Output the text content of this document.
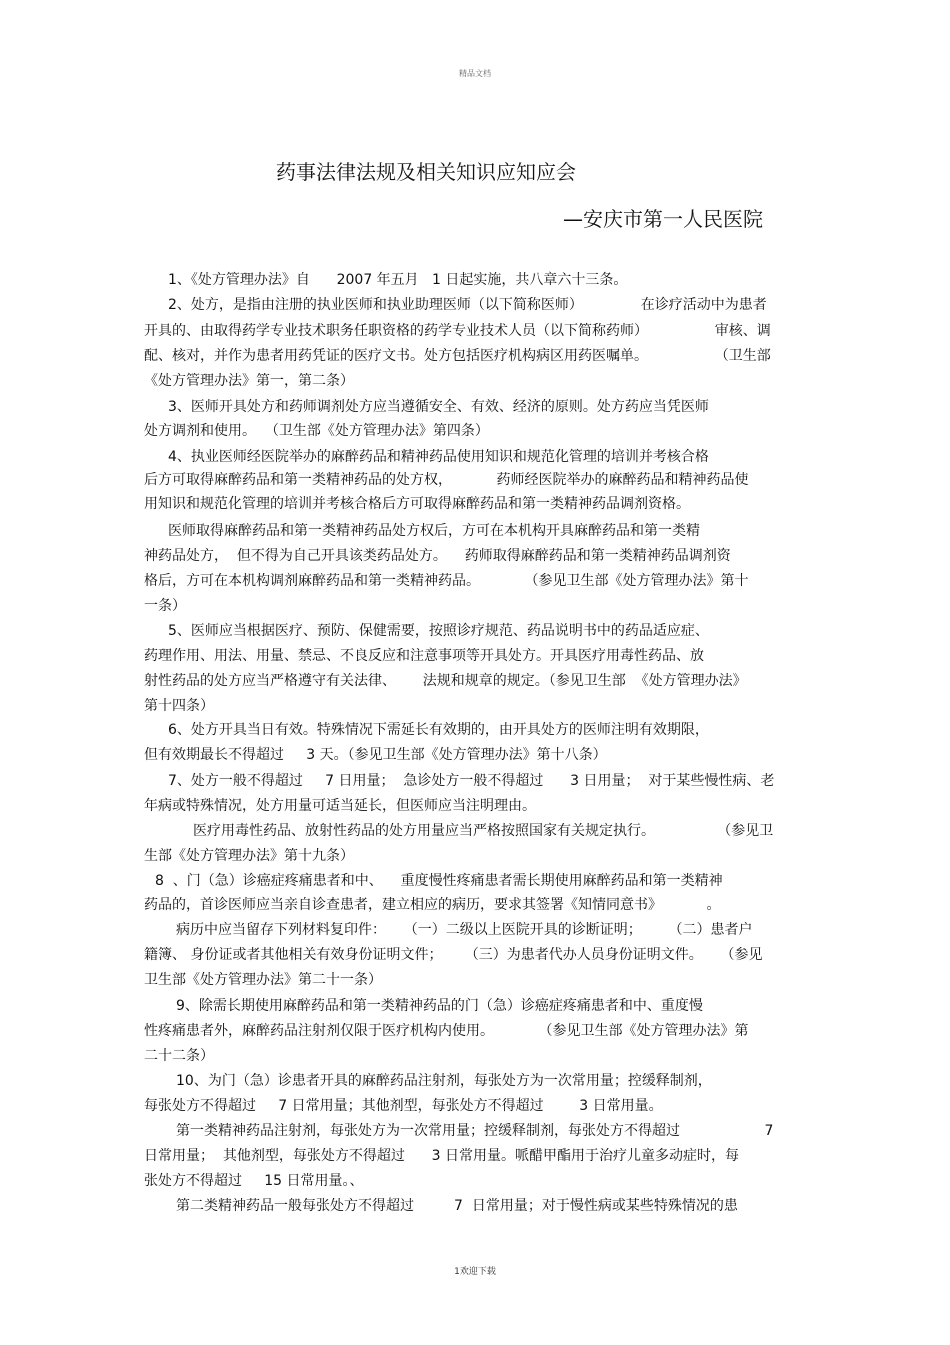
精品文档
药事法律法规及相关知识应知应会
—安庆市第一人民医院
1、《处方管理办法》自      2007 年五月   1 日起实施，共八章六十三条。
2、处方，是指由注册的执业医师和执业助理医师（以下简称医师）             在诊疗活动中为患者
开具的、由取得药学专业技术职务任职资格的药学专业技术人员（以下简称药师）               审核、调
配、核对，并作为患者用药凭证的医疗文书。处方包括医疗机构病区用药医嘱单。               （卫生部
《处方管理办法》第一，第二条）
3、医师开具处方和药师调剂处方应当遵循安全、有效、经济的原则。处方药应当凭医师
处方调剂和使用。  （卫生部《处方管理办法》第四条）
4、执业医师经医院举办的麻醉药品和精神药品使用知识和规范化管理的培训并考核合格
后方可取得麻醉药品和第一类精神药品的处方权，          药师经医院举办的麻醉药品和精神药品使
用知识和规范化管理的培训并考核合格后方可取得麻醉药品和第一类精神药品调剂资格。
医师取得麻醉药品和第一类精神药品处方权后，方可在本机构开具麻醉药品和第一类精
神药品处方，  但不得为自己开具该类药品处方。    药师取得麻醉药品和第一类精神药品调剂资
格后，方可在本机构调剂麻醉药品和第一类精神药品。          （参见卫生部《处方管理办法》第十
一条）
5、医师应当根据医疗、预防、保健需要，按照诊疗规范、药品说明书中的药品适应症、
药理作用、用法、用量、禁忌、不良反应和注意事项等开具处方。开具医疗用毒性药品、放
射性药品的处方应当严格遵守有关法律、      法规和规章的规定。（参见卫生部  《处方管理办法》
第十四条）
6、处方开具当日有效。特殊情况下需延长有效期的，由开具处方的医师注明有效期限，
但有效期最长不得超过     3 天。（参见卫生部《处方管理办法》第十八条）
7、处方一般不得超过     7 日用量；  急诊处方一般不得超过      3 日用量；  对于某些慢性病、老
年病或特殊情况，处方用量可适当延长，但医师应当注明理由。
医疗用毒性药品、放射性药品的处方用量应当严格按照国家有关规定执行。              （参见卫
生部《处方管理办法》第十九条）
8  、门（急）诊癌症疼痛患者和中、    重度慢性疼痛患者需长期使用麻醉药品和第一类精神
药品的，首诊医师应当亲自诊查患者，建立相应的病历，要求其签署《知情同意书》          。
病历中应当留存下列材料复印件：    （一）二级以上医院开具的诊断证明；      （二）患者户
籍簿、 身份证或者其他相关有效身份证明文件；     （三）为患者代办人员身份证明文件。    （参见
卫生部《处方管理办法》第二十一条）
9、除需长期使用麻醉药品和第一类精神药品的门（急）诊癌症疼痛患者和中、重度慢
性疼痛患者外，麻醉药品注射剂仅限于医疗机构内使用。          （参见卫生部《处方管理办法》第
二十二条）
10、为门（急）诊患者开具的麻醉药品注射剂，每张处方为一次常用量；控缓释制剂，
每张处方不得超过     7 日常用量；其他剂型，每张处方不得超过        3 日常用量。
第一类精神药品注射剂，每张处方为一次常用量；控缓释制剂，每张处方不得超过                   7
日常用量；  其他剂型，每张处方不得超过      3 日常用量。哌醋甲酯用于治疗儿童多动症时，每
张处方不得超过     15 日常用量。、
第二类精神药品一般每张处方不得超过         7  日常用量；对于慢性病或某些特殊情况的患
1欢迎下载
